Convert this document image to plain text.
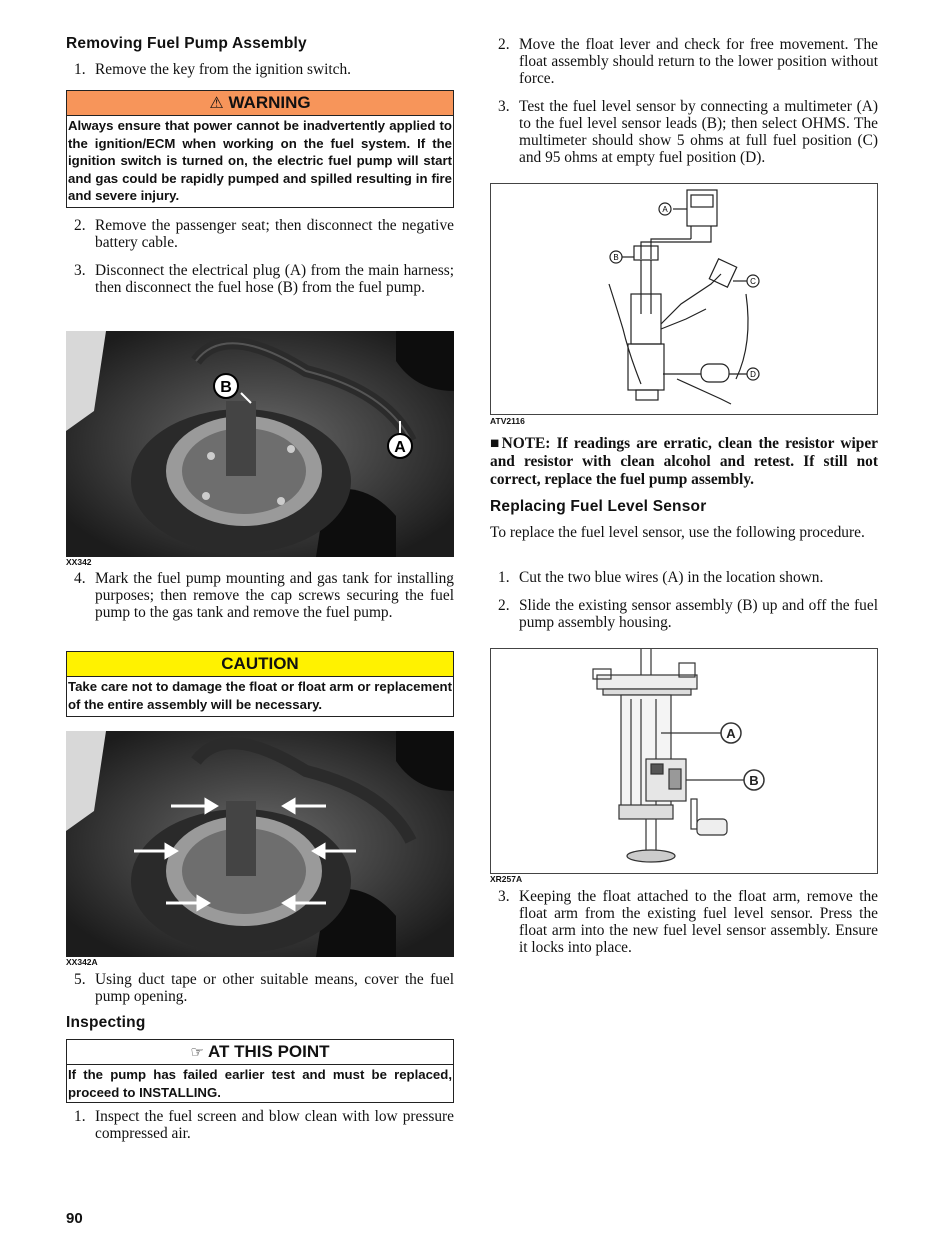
Removing Fuel Pump Assembly
1. Remove the key from the ignition switch.
⚠ WARNING
Always ensure that power cannot be inadvertently applied to the ignition/ECM when working on the fuel system. If the ignition switch is turned on, the electric fuel pump will start and gas could be rapidly pumped and spilled resulting in fire and severe injury.
2. Remove the passenger seat; then disconnect the negative battery cable.
3. Disconnect the electrical plug (A) from the main harness; then disconnect the fuel hose (B) from the fuel pump.
B
A
XX342
4. Mark the fuel pump mounting and gas tank for installing purposes; then remove the cap screws securing the fuel pump to the gas tank and remove the fuel pump.
CAUTION
Take care not to damage the float or float arm or replacement of the entire assembly will be necessary.
XX342A
5. Using duct tape or other suitable means, cover the fuel pump opening.
Inspecting
☞ AT THIS POINT
If the pump has failed earlier test and must be replaced, proceed to INSTALLING.
1. Inspect the fuel screen and blow clean with low pressure compressed air.
2. Move the float lever and check for free movement. The float assembly should return to the lower position without force.
3. Test the fuel level sensor by connecting a multimeter (A) to the fuel level sensor leads (B); then select OHMS. The multimeter should show 5 ohms at full fuel position (C) and 95 ohms at empty fuel position (D).
A
B
C
D
ATV2116
■NOTE: If readings are erratic, clean the resistor wiper and resistor with clean alcohol and retest. If still not correct, replace the fuel pump assembly.
Replacing Fuel Level Sensor
To replace the fuel level sensor, use the following procedure.
1. Cut the two blue wires (A) in the location shown.
2. Slide the existing sensor assembly (B) up and off the fuel pump assembly housing.
A
B
XR257A
3. Keeping the float attached to the float arm, remove the float arm from the existing fuel level sensor. Press the float arm into the new fuel level sensor assembly. Ensure it locks into place.
90
